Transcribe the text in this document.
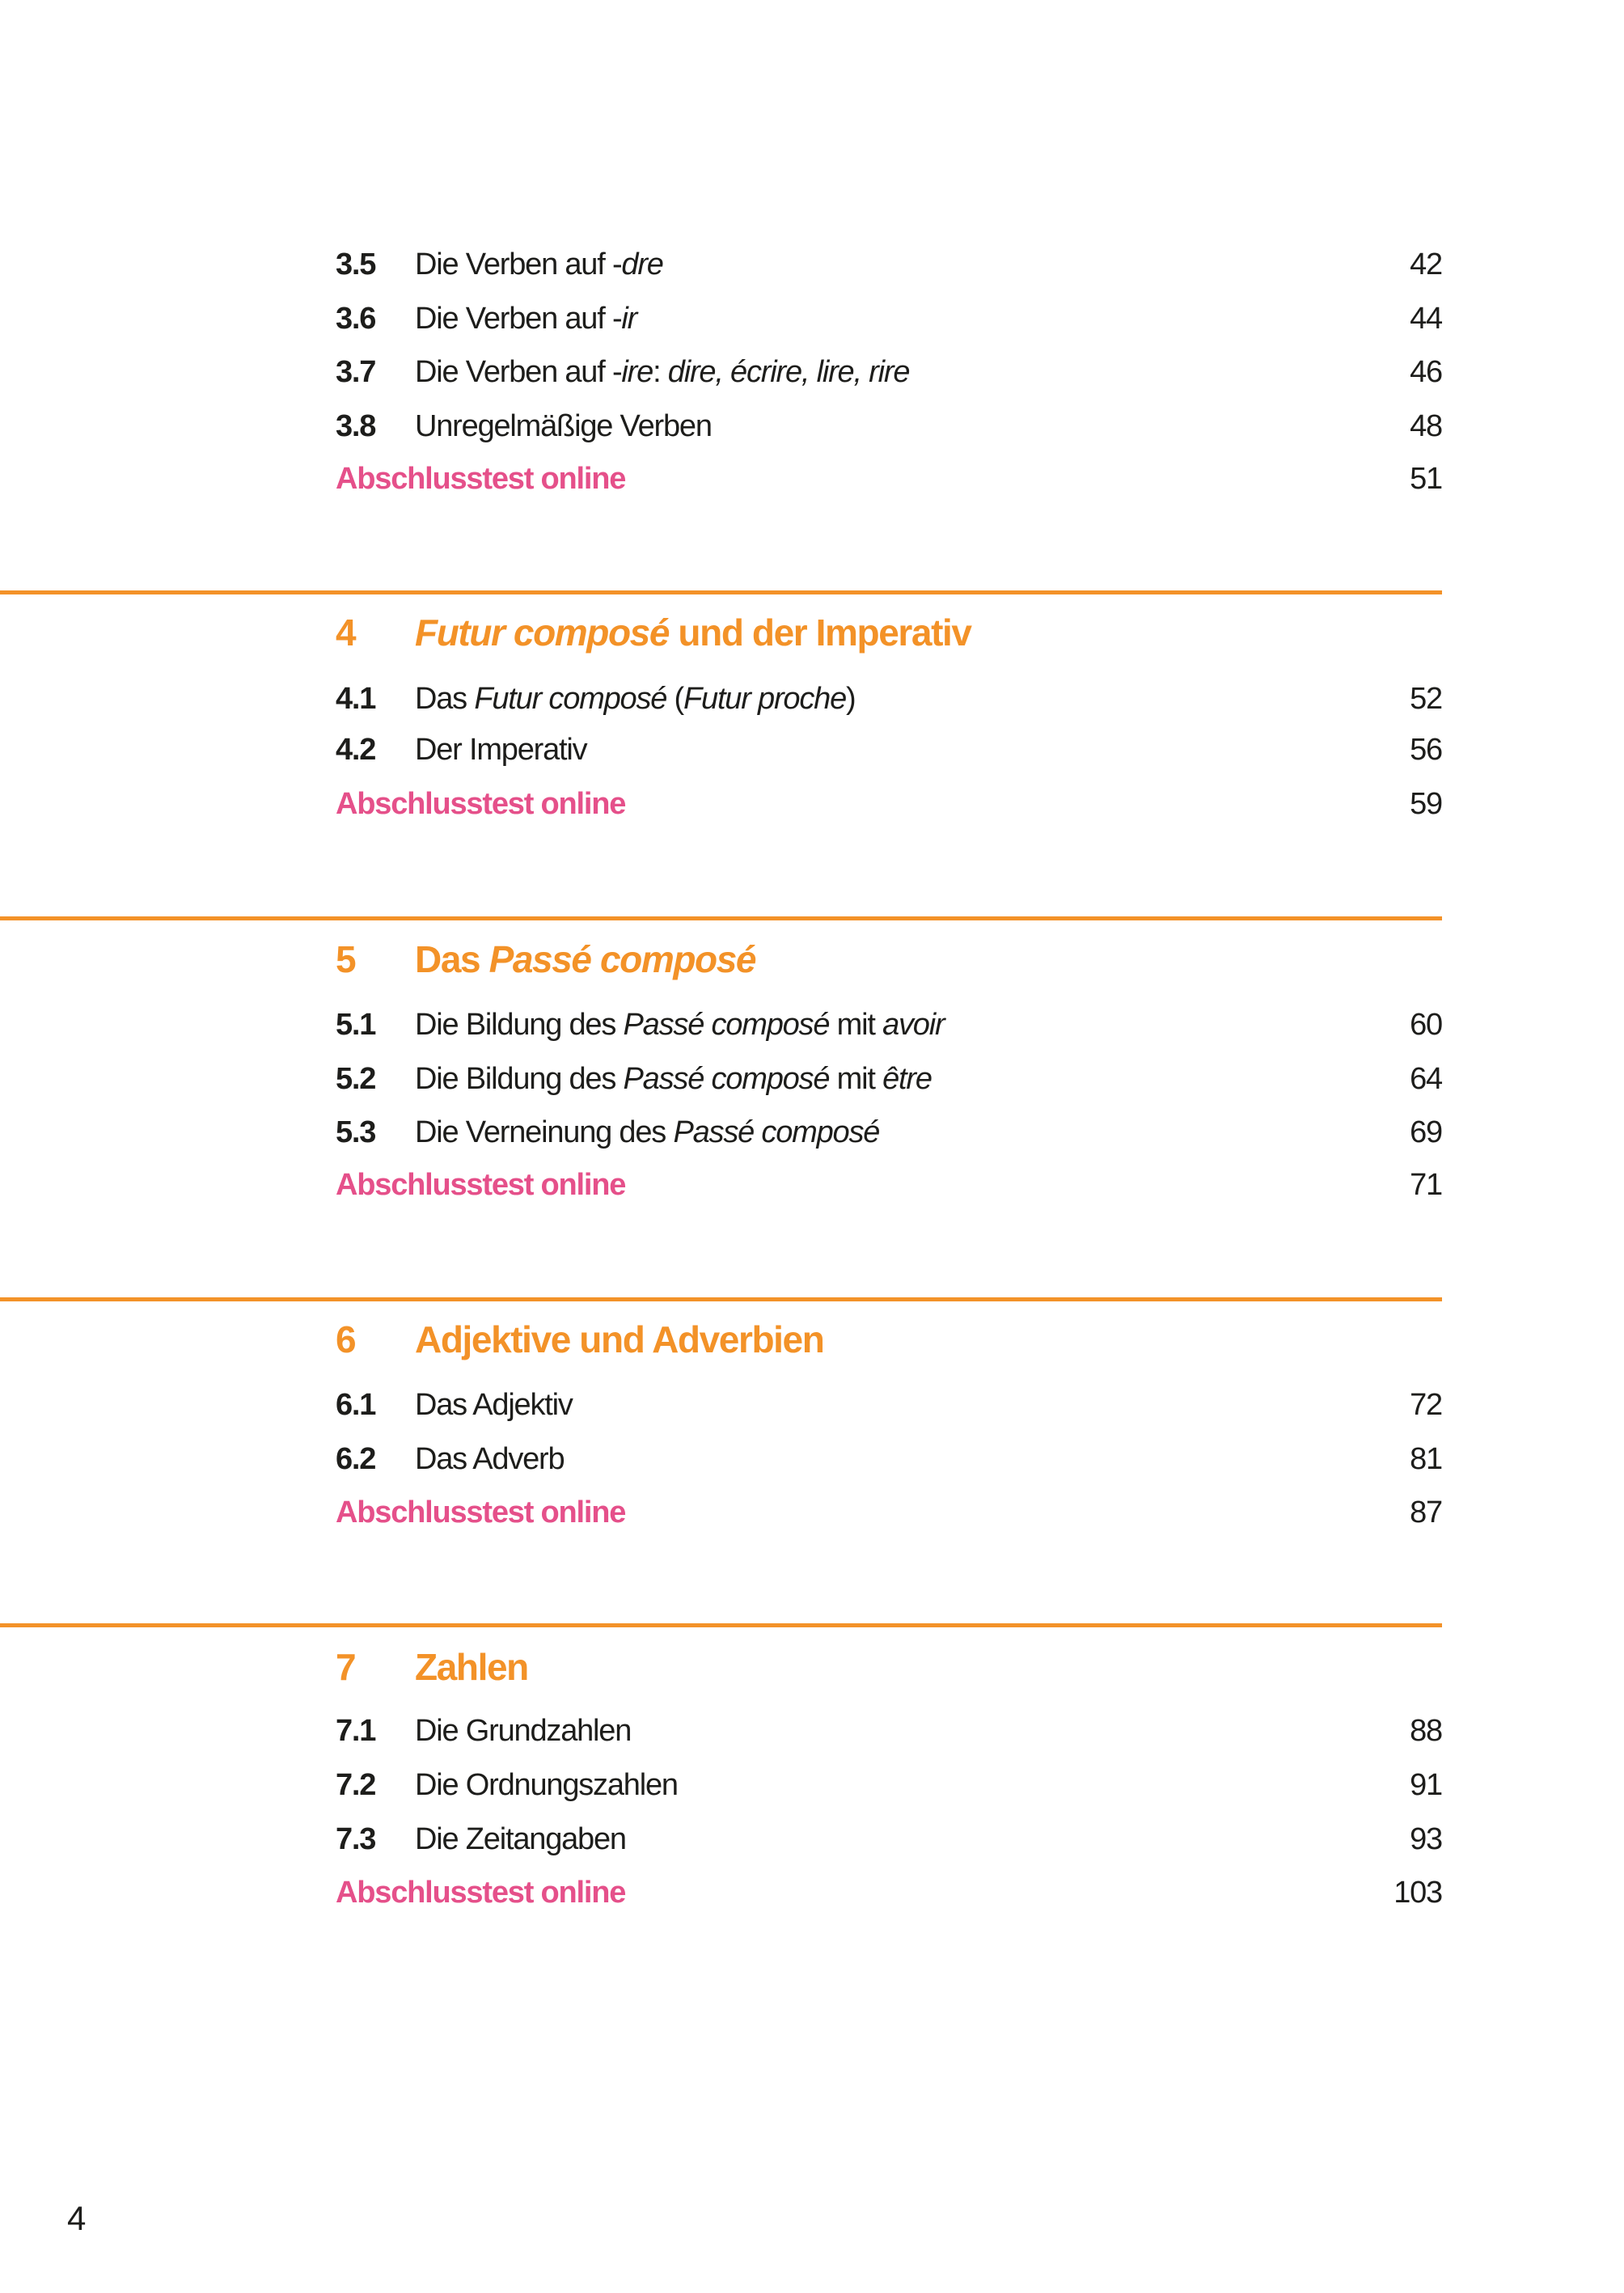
3.5 Die Verben auf -dre	42
3.6 Die Verben auf -ir	44
3.7 Die Verben auf -ire: dire, écrire, lire, rire	46
3.8 Unregelmäßige Verben	48
Abschlusstest online	51
4 Futur composé und der Imperativ
4.1 Das Futur composé (Futur proche)	52
4.2 Der Imperativ	56
Abschlusstest online	59
5 Das Passé composé
5.1 Die Bildung des Passé composé mit avoir	60
5.2 Die Bildung des Passé composé mit être	64
5.3 Die Verneinung des Passé composé	69
Abschlusstest online	71
6 Adjektive und Adverbien
6.1 Das Adjektiv	72
6.2 Das Adverb	81
Abschlusstest online	87
7 Zahlen
7.1 Die Grundzahlen	88
7.2 Die Ordnungszahlen	91
7.3 Die Zeitangaben	93
Abschlusstest online	103
4
